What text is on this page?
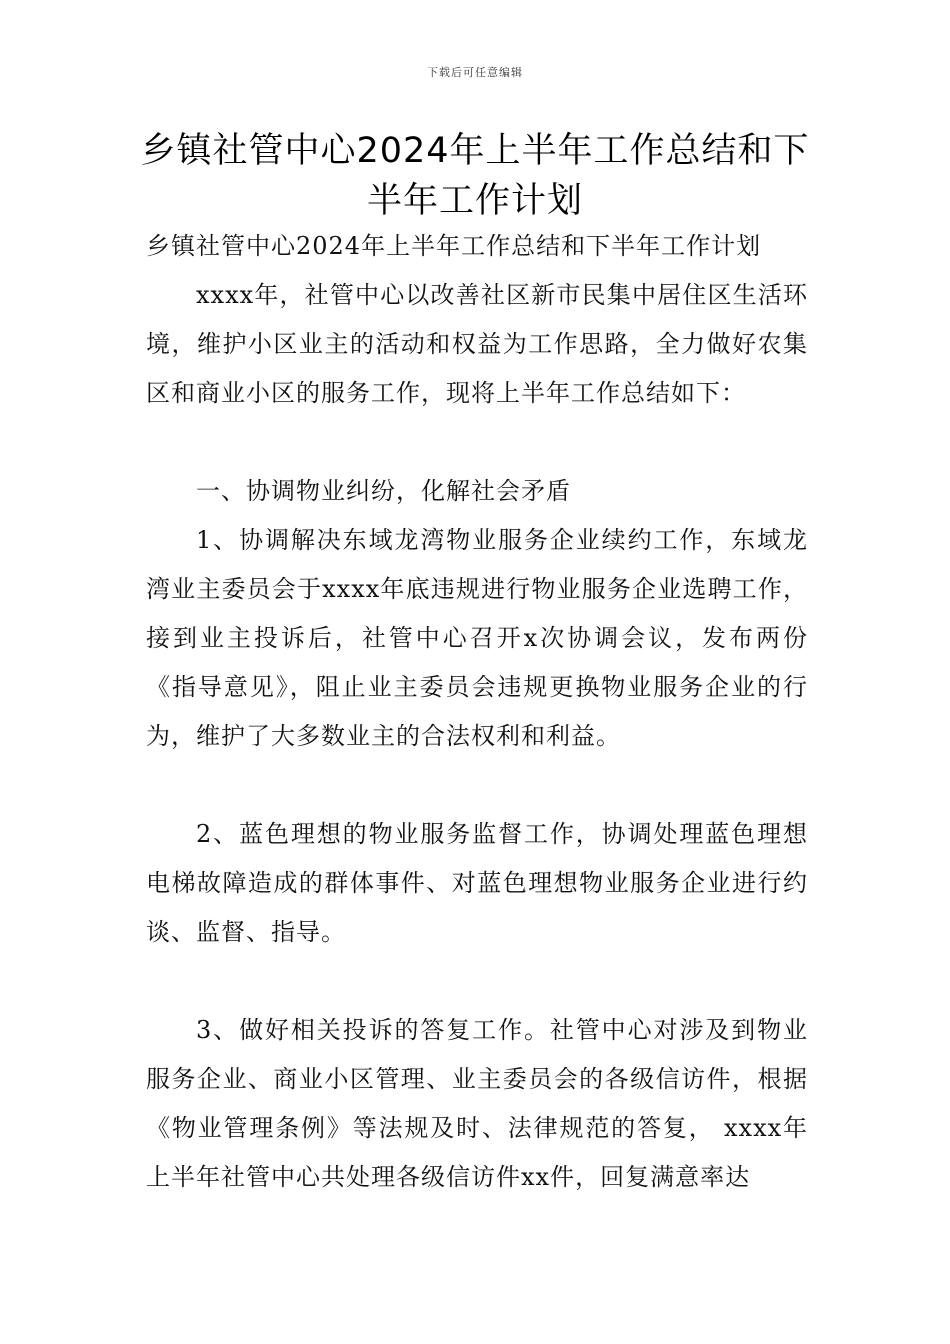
下载后可任意编辑
乡镇社管中心2024年上半年工作总结和下半年工作计划

乡镇社管中心2024年上半年工作总结和下半年工作计划

xxxx年，社管中心以改善社区新市民集中居住区生活环境，维护小区业主的活动和权益为工作思路，全力做好农集区和商业小区的服务工作，现将上半年工作总结如下：

一、协调物业纠纷，化解社会矛盾

1、协调解决东域龙湾物业服务企业续约工作，东域龙湾业主委员会于xxxx年底违规进行物业服务企业选聘工作，接到业主投诉后，社管中心召开x次协调会议，发布两份《指导意见》，阻止业主委员会违规更换物业服务企业的行为，维护了大多数业主的合法权利和利益。

2、蓝色理想的物业服务监督工作，协调处理蓝色理想电梯故障造成的群体事件、对蓝色理想物业服务企业进行约谈、监督、指导。

3、做好相关投诉的答复工作。社管中心对涉及到物业服务企业、商业小区管理、业主委员会的各级信访件，根据《物业管理条例》等法规及时、法律规范的答复， xxxx年上半年社管中心共处理各级信访件xx件，回复满意率达
